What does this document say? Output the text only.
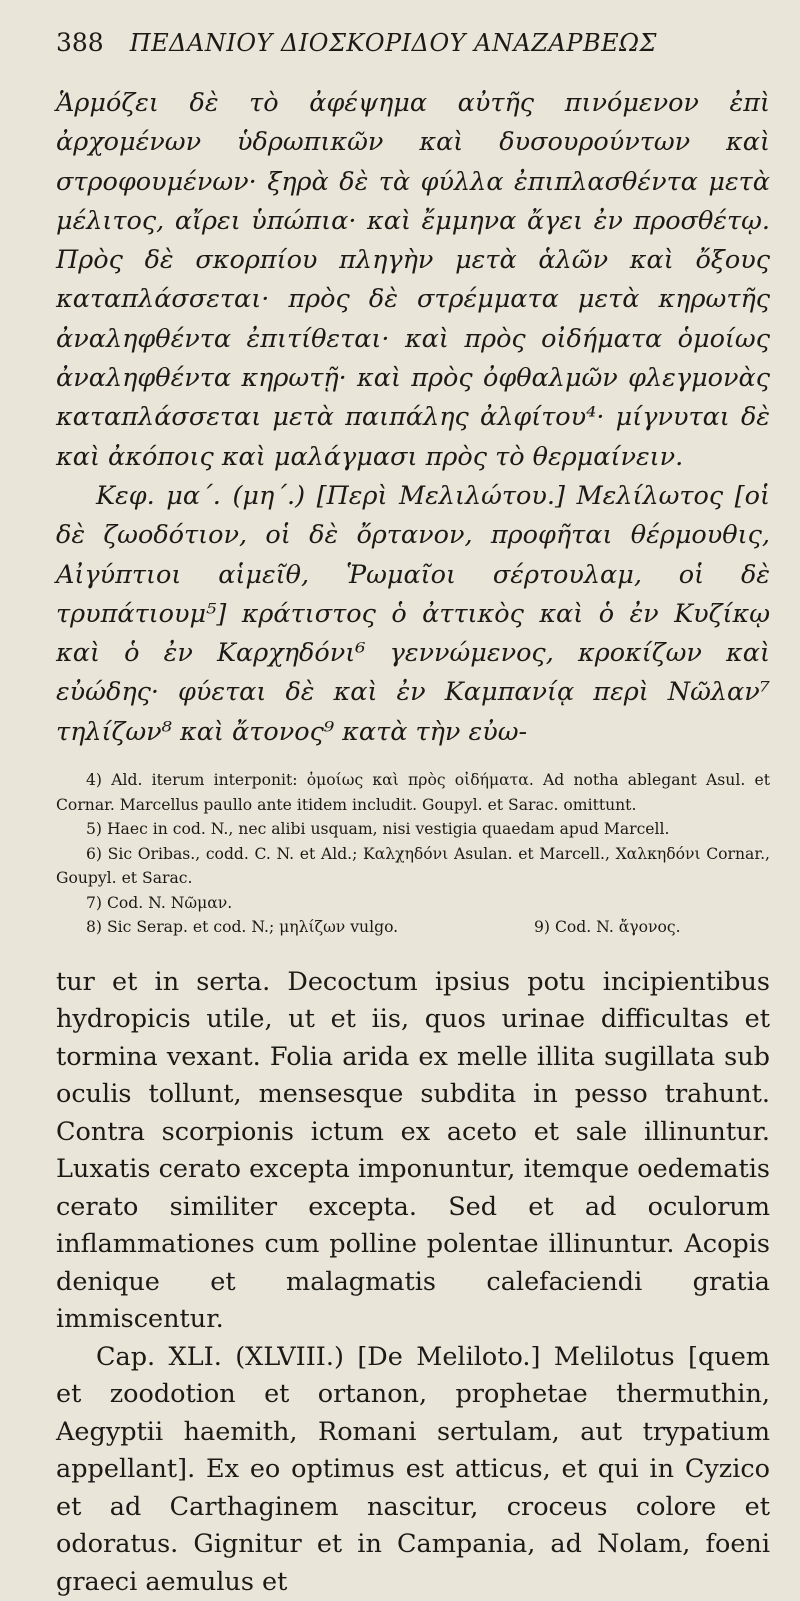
388 ΠΕΔΑΝΙΟΥ ΔΙΟΣΚΟΡΙΔΟΥ ΑΝΑΖΑΡΒΕΩΣ

Ἁρμόζει δὲ τὸ ἀφέψημα αὐτῆς πινόμενον ἐπὶ ἀρχομένων ὑδρωπικῶν καὶ δυσουρούντων καὶ στροφουμένων· ξηρὰ δὲ τὰ φύλλα ἐπιπλασθέντα μετὰ μέλιτος, αἴρει ὑπώπια· καὶ ἔμμηνα ἄγει ἐν προσθέτῳ. Πρὸς δὲ σκορπίου πληγὴν μετὰ ἁλῶν καὶ ὄξους καταπλάσσεται· πρὸς δὲ στρέμματα μετὰ κηρωτῆς ἀναληφθέντα ἐπιτίθεται· καὶ πρὸς οἰδήματα ὁμοίως ἀναληφθέντα κηρωτῇ· καὶ πρὸς ὀφθαλμῶν φλεγμονὰς καταπλάσσεται μετὰ παιπάλης ἀλφίτου⁴· μίγνυται δὲ καὶ ἀκόποις καὶ μαλάγμασι πρὸς τὸ θερμαίνειν.

Κεφ. μα΄. (μη΄.) [Περὶ Μελιλώτου.] Μελίλωτος [οἱ δὲ ζωοδότιον, οἱ δὲ ὄρτανον, προφῆται θέρμουθις, Αἰγύπτιοι αἱμεῖθ, Ῥωμαῖοι σέρτουλαμ, οἱ δὲ τρυπάτιουμ⁵] κράτιστος ὁ ἀττικὸς καὶ ὁ ἐν Κυζίκῳ καὶ ὁ ἐν Καρχηδόνι⁶ γεννώμενος, κροκίζων καὶ εὐώδης· φύεται δὲ καὶ ἐν Καμπανίᾳ περὶ Νῶλαν⁷ τηλίζων⁸ καὶ ἄτονος⁹ κατὰ τὴν εὐω-

4) Ald. iterum interponit: ὁμοίως καὶ πρὸς οἰδήματα. Ad notha ablegant Asul. et Cornar. Marcellus paullo ante itidem includit. Goupyl. et Sarac. omittunt.

5) Haec in cod. N., nec alibi usquam, nisi vestigia quaedam apud Marcell.

6) Sic Oribas., codd. C. N. et Ald.; Καλχηδόνι Asulan. et Marcell., Χαλκηδόνι Cornar., Goupyl. et Sarac.

7) Cod. N. Νῶμαν.

8) Sic Serap. et cod. N.; μηλίζων vulgo.	9) Cod. N. ἄγονος.

tur et in serta. Decoctum ipsius potu incipientibus hydropicis utile, ut et iis, quos urinae difficultas et tormina vexant. Folia arida ex melle illita sugillata sub oculis tollunt, mensesque subdita in pesso trahunt. Contra scorpionis ictum ex aceto et sale illinuntur. Luxatis cerato excepta imponuntur, itemque oedematis cerato similiter excepta. Sed et ad oculorum inflammationes cum polline polentae illinuntur. Acopis denique et malagmatis calefaciendi gratia immiscentur.

Cap. XLI. (XLVIII.) [De Meliloto.] Melilotus [quem et zoodotion et ortanon, prophetae thermuthin, Aegyptii haemith, Romani sertulam, aut trypatium appellant]. Ex eo optimus est atticus, et qui in Cyzico et ad Carthaginem nascitur, croceus colore et odoratus. Gignitur et in Campania, ad Nolam, foeni graeci aemulus et
